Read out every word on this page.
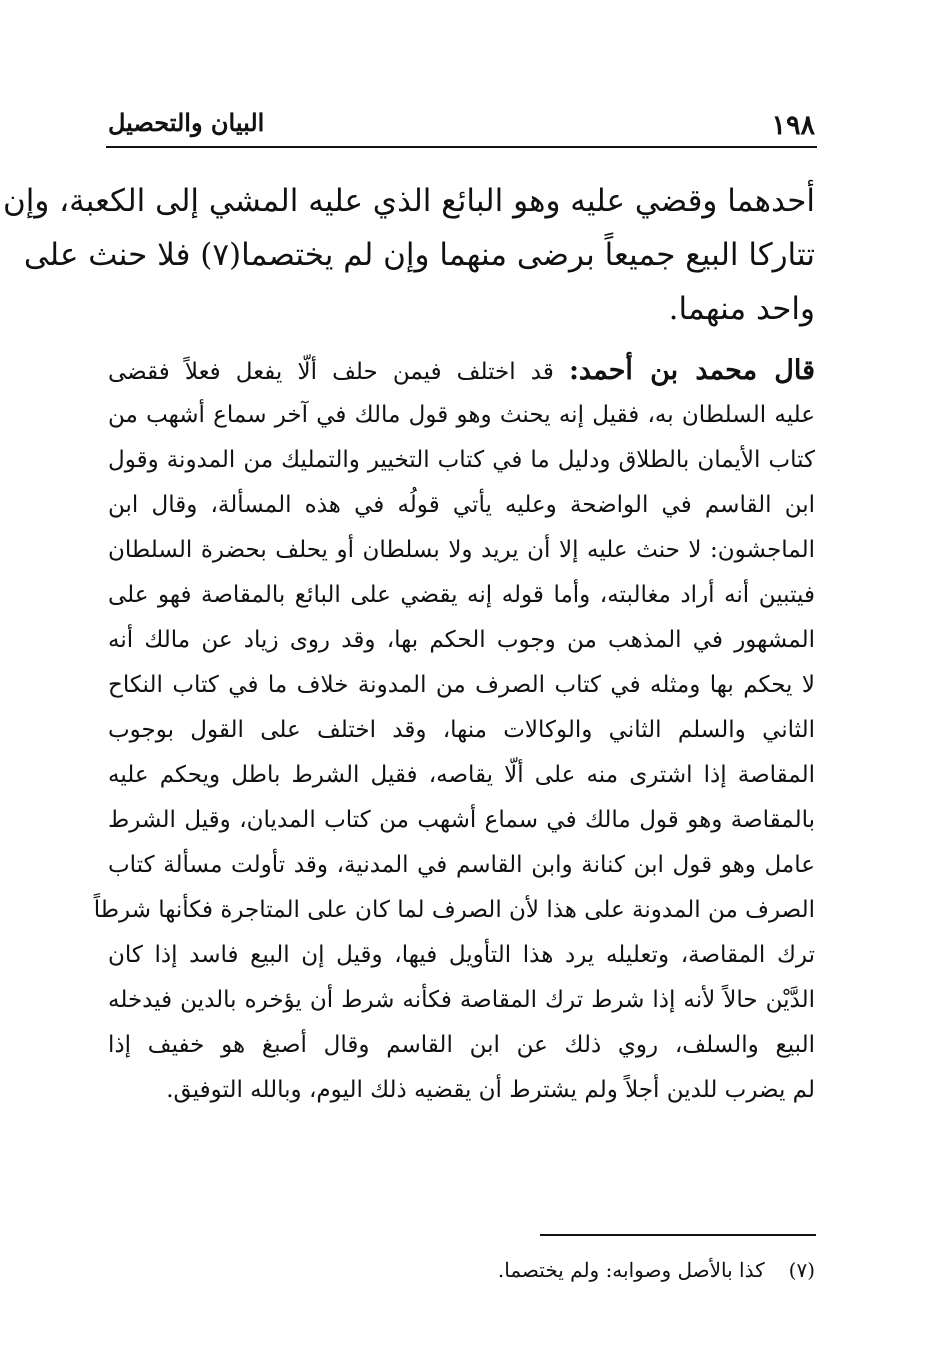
١٩٨
البيان والتحصيل
أحدهما وقضي عليه وهو البائع الذي عليه المشي إلى الكعبة، وإن
تتاركا البيع جميعاً برضى منهما وإن لم يختصما(٧) فلا حنث على
واحد منهما.
قال محمد بن أحمد: قد اختلف فيمن حلف ألّا يفعل فعلاً فقضى
عليه السلطان به، فقيل إنه يحنث وهو قول مالك في آخر سماع أشهب من
كتاب الأيمان بالطلاق ودليل ما في كتاب التخيير والتمليك من المدونة وقول
ابن القاسم في الواضحة وعليه يأتي قولُه في هذه المسألة، وقال ابن
الماجشون: لا حنث عليه إلا أن يريد ولا بسلطان أو يحلف بحضرة السلطان
فيتبين أنه أراد مغالبته، وأما قوله إنه يقضي على البائع بالمقاصة فهو على
المشهور في المذهب من وجوب الحكم بها، وقد روى زياد عن مالك أنه
لا يحكم بها ومثله في كتاب الصرف من المدونة خلاف ما في كتاب النكاح
الثاني والسلم الثاني والوكالات منها، وقد اختلف على القول بوجوب
المقاصة إذا اشترى منه على ألّا يقاصه، فقيل الشرط باطل ويحكم عليه
بالمقاصة وهو قول مالك في سماع أشهب من كتاب المديان، وقيل الشرط
عامل وهو قول ابن كنانة وابن القاسم في المدنية، وقد تأولت مسألة كتاب
الصرف من المدونة على هذا لأن الصرف لما كان على المتاجرة فكأنها شرطاً
ترك المقاصة، وتعليله يرد هذا التأويل فيها، وقيل إن البيع فاسد إذا كان
الدَّيْن حالاً لأنه إذا شرط ترك المقاصة فكأنه شرط أن يؤخره بالدين فيدخله
البيع والسلف، روي ذلك عن ابن القاسم وقال أصبغ هو خفيف إذا
لم يضرب للدين أجلاً ولم يشترط أن يقضيه ذلك اليوم، وبالله التوفيق.
(٧)كذا بالأصل وصوابه: ولم يختصما.
